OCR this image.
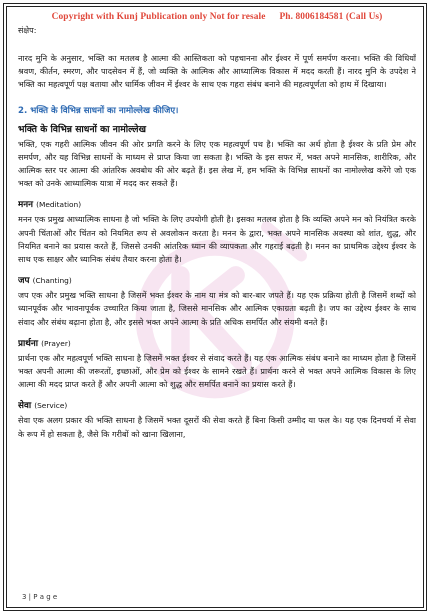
Copyright with Kunj Publication only Not for resale Ph. 8006184581 (Call Us)
संक्षेप:

नारद मुनि के अनुसार, भक्ति का मतलब है आत्मा की आस्तिकता को पहचानना और ईश्वर में पूर्ण समर्पण करना। भक्ति की विधियाँ श्रवण, कीर्तन, स्मरण, और पादसेवन में हैं, जो व्यक्ति के आत्मिक और आध्यात्मिक विकास में मदद करती हैं। नारद मुनि के उपदेश ने भक्ति का महत्वपूर्ण पक्ष बताया और धार्मिक जीवन में ईश्वर के साथ एक गहरा संबंध बनाने की महत्वपूर्णता को हाथ में दिखाया।

2. भक्ति के विभिन्न साधनों का नामोल्लेख कीजिए।
भक्ति के विभिन्न साधनों का नामोल्लेख

भक्ति, एक गहरी आत्मिक जीवन की ओर प्रगति करने के लिए एक महत्वपूर्ण पथ है। भक्ति का अर्थ होता है ईश्वर के प्रति प्रेम और समर्पण, और यह विभिन्न साधनों के माध्यम से प्राप्त किया जा सकता है। भक्ति के इस सफर में, भक्त अपने मानसिक, शारीरिक, और आत्मिक स्तर पर आत्मा की आंतरिक अवबोध की ओर बढ़ते हैं। इस लेख में, हम भक्ति के विभिन्न साधनों का नामोल्लेख करेंगे जो एक भक्त को उनके आध्यात्मिक यात्रा में मदद कर सकते हैं।

मनन (Meditation)

मनन एक प्रमुख आध्यात्मिक साधना है जो भक्ति के लिए उपयोगी होती है। इसका मतलब होता है कि व्यक्ति अपने मन को नियंत्रित करके अपनी चिंताओं और चिंतन को नियमित रूप से अवलोकन करता है। मनन के द्वारा, भक्त अपने मानसिक अवस्था को शांत, शुद्ध, और नियमित बनाने का प्रयास करते हैं, जिससे उनकी आंतरिक ध्यान की व्यापकता और गहराई बढ़ती है। मनन का प्राथमिक उद्देश्य ईश्वर के साथ एक साक्षर और ध्यानिक संबंध तैयार करना होता है।

जप (Chanting)

जप एक और प्रमुख भक्ति साधना है जिसमें भक्त ईश्वर के नाम या मंत्र को बार-बार जपते हैं। यह एक प्रक्रिया होती है जिसमें शब्दों को ध्यानपूर्वक और भावनापूर्वक उच्चारित किया जाता है, जिससे मानसिक और आत्मिक एकाग्रता बढ़ती है। जप का उद्देश्य ईश्वर के साथ संवाद और संबंध बढ़ाना होता है, और इससे भक्त अपने आत्मा के प्रति अधिक समर्पित और संयमी बनते हैं।

प्रार्थना (Prayer)

प्रार्थना एक और महत्वपूर्ण भक्ति साधना है जिसमें भक्त ईश्वर से संवाद करते हैं। यह एक आत्मिक संबंध बनाने का माध्यम होता है जिसमें भक्त अपनी आत्मा की जरूरतों, इच्छाओं, और प्रेम को ईश्वर के सामने रखते हैं। प्रार्थना करने से भक्त अपने आत्मिक विकास के लिए आत्मा की मदद प्राप्त करते हैं और अपनी आत्मा को शुद्ध और समर्पित बनाने का प्रयास करते हैं।

सेवा (Service)

सेवा एक अलग प्रकार की भक्ति साधना है जिसमें भक्त दूसरों की सेवा करते हैं बिना किसी उम्मीद या फल के। यह एक दिनचर्या में सेवा के रूप में हो सकता है, जैसे कि गरीबों को खाना खिलाना,

3 | P a g e
